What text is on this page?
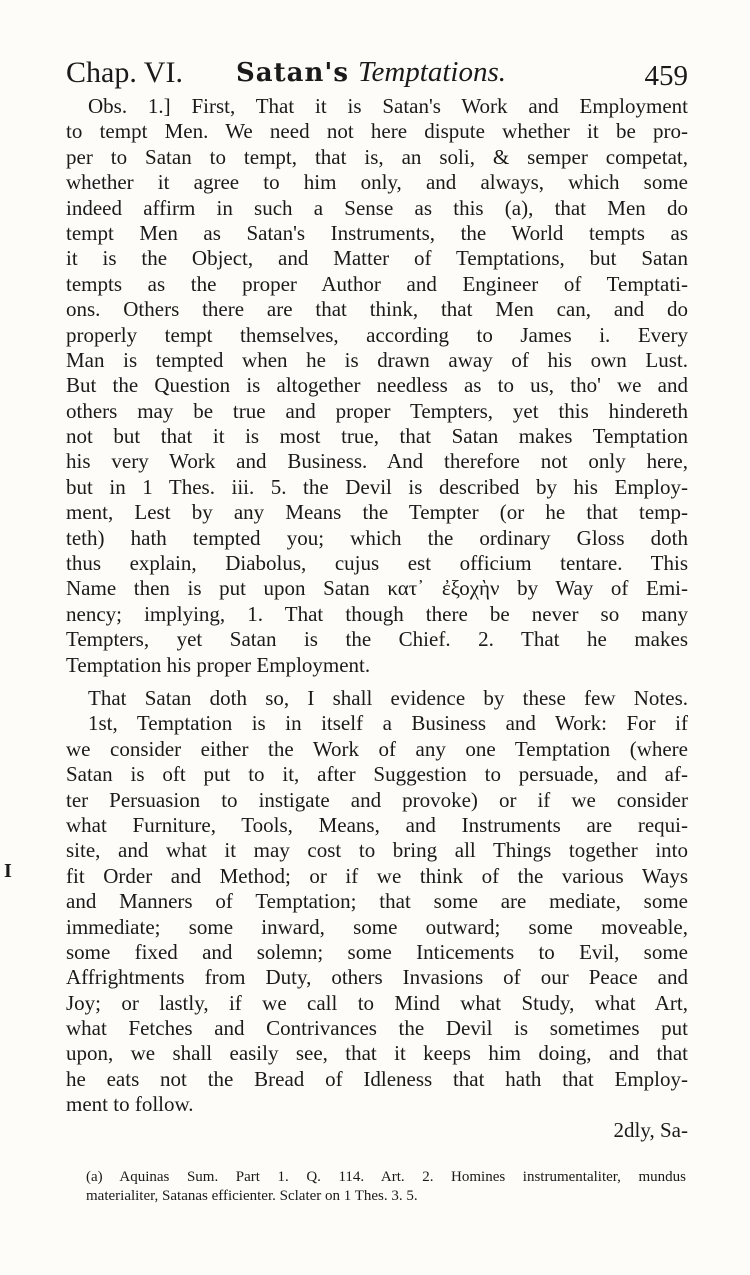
Chap. VI. Satan's Temptations.	459
I
Obs. 1.] First, That it is Satan's Work and Employment
to tempt Men. We need not here dispute whether it be pro-
per to Satan to tempt, that is, an soli, & semper competat,
whether it agree to him only, and always, which some
indeed affirm in such a Sense as this (a), that Men do
tempt Men as Satan's Instruments, the World tempts as
it is the Object, and Matter of Temptations, but Satan
tempts as the proper Author and Engineer of Temptati-
ons. Others there are that think, that Men can, and do
properly tempt themselves, according to James i. Every
Man is tempted when he is drawn away of his own Lust.
But the Question is altogether needless as to us, tho' we and
others may be true and proper Tempters, yet this hindereth
not but that it is most true, that Satan makes Temptation
his very Work and Business. And therefore not only here,
but in 1 Thes. iii. 5. the Devil is described by his Employ-
ment, Lest by any Means the Tempter (or he that temp-
teth) hath tempted you; which the ordinary Gloss doth
thus explain, Diabolus, cujus est officium tentare. This
Name then is put upon Satan κατ᾽ ἐξοχὴν by Way of Emi-
nency; implying, 1. That though there be never so many
Tempters, yet Satan is the Chief. 2. That he makes
Temptation his proper Employment.
That Satan doth so, I shall evidence by these few Notes.
1st, Temptation is in itself a Business and Work: For if
we consider either the Work of any one Temptation (where
Satan is oft put to it, after Suggestion to persuade, and af-
ter Persuasion to instigate and provoke) or if we consider
what Furniture, Tools, Means, and Instruments are requi-
site, and what it may cost to bring all Things together into
fit Order and Method; or if we think of the various Ways
and Manners of Temptation; that some are mediate, some
immediate; some inward, some outward; some moveable,
some fixed and solemn; some Inticements to Evil, some
Affrightments from Duty, others Invasions of our Peace and
Joy; or lastly, if we call to Mind what Study, what Art,
what Fetches and Contrivances the Devil is sometimes put
upon, we shall easily see, that it keeps him doing, and that
he eats not the Bread of Idleness that hath that Employ-
ment to follow.
2dly, Sa-
(a) Aquinas Sum. Part 1. Q. 114. Art. 2. Homines instrumentaliter, mundus
materialiter, Satanas efficienter. Sclater on 1 Thes. 3. 5.
